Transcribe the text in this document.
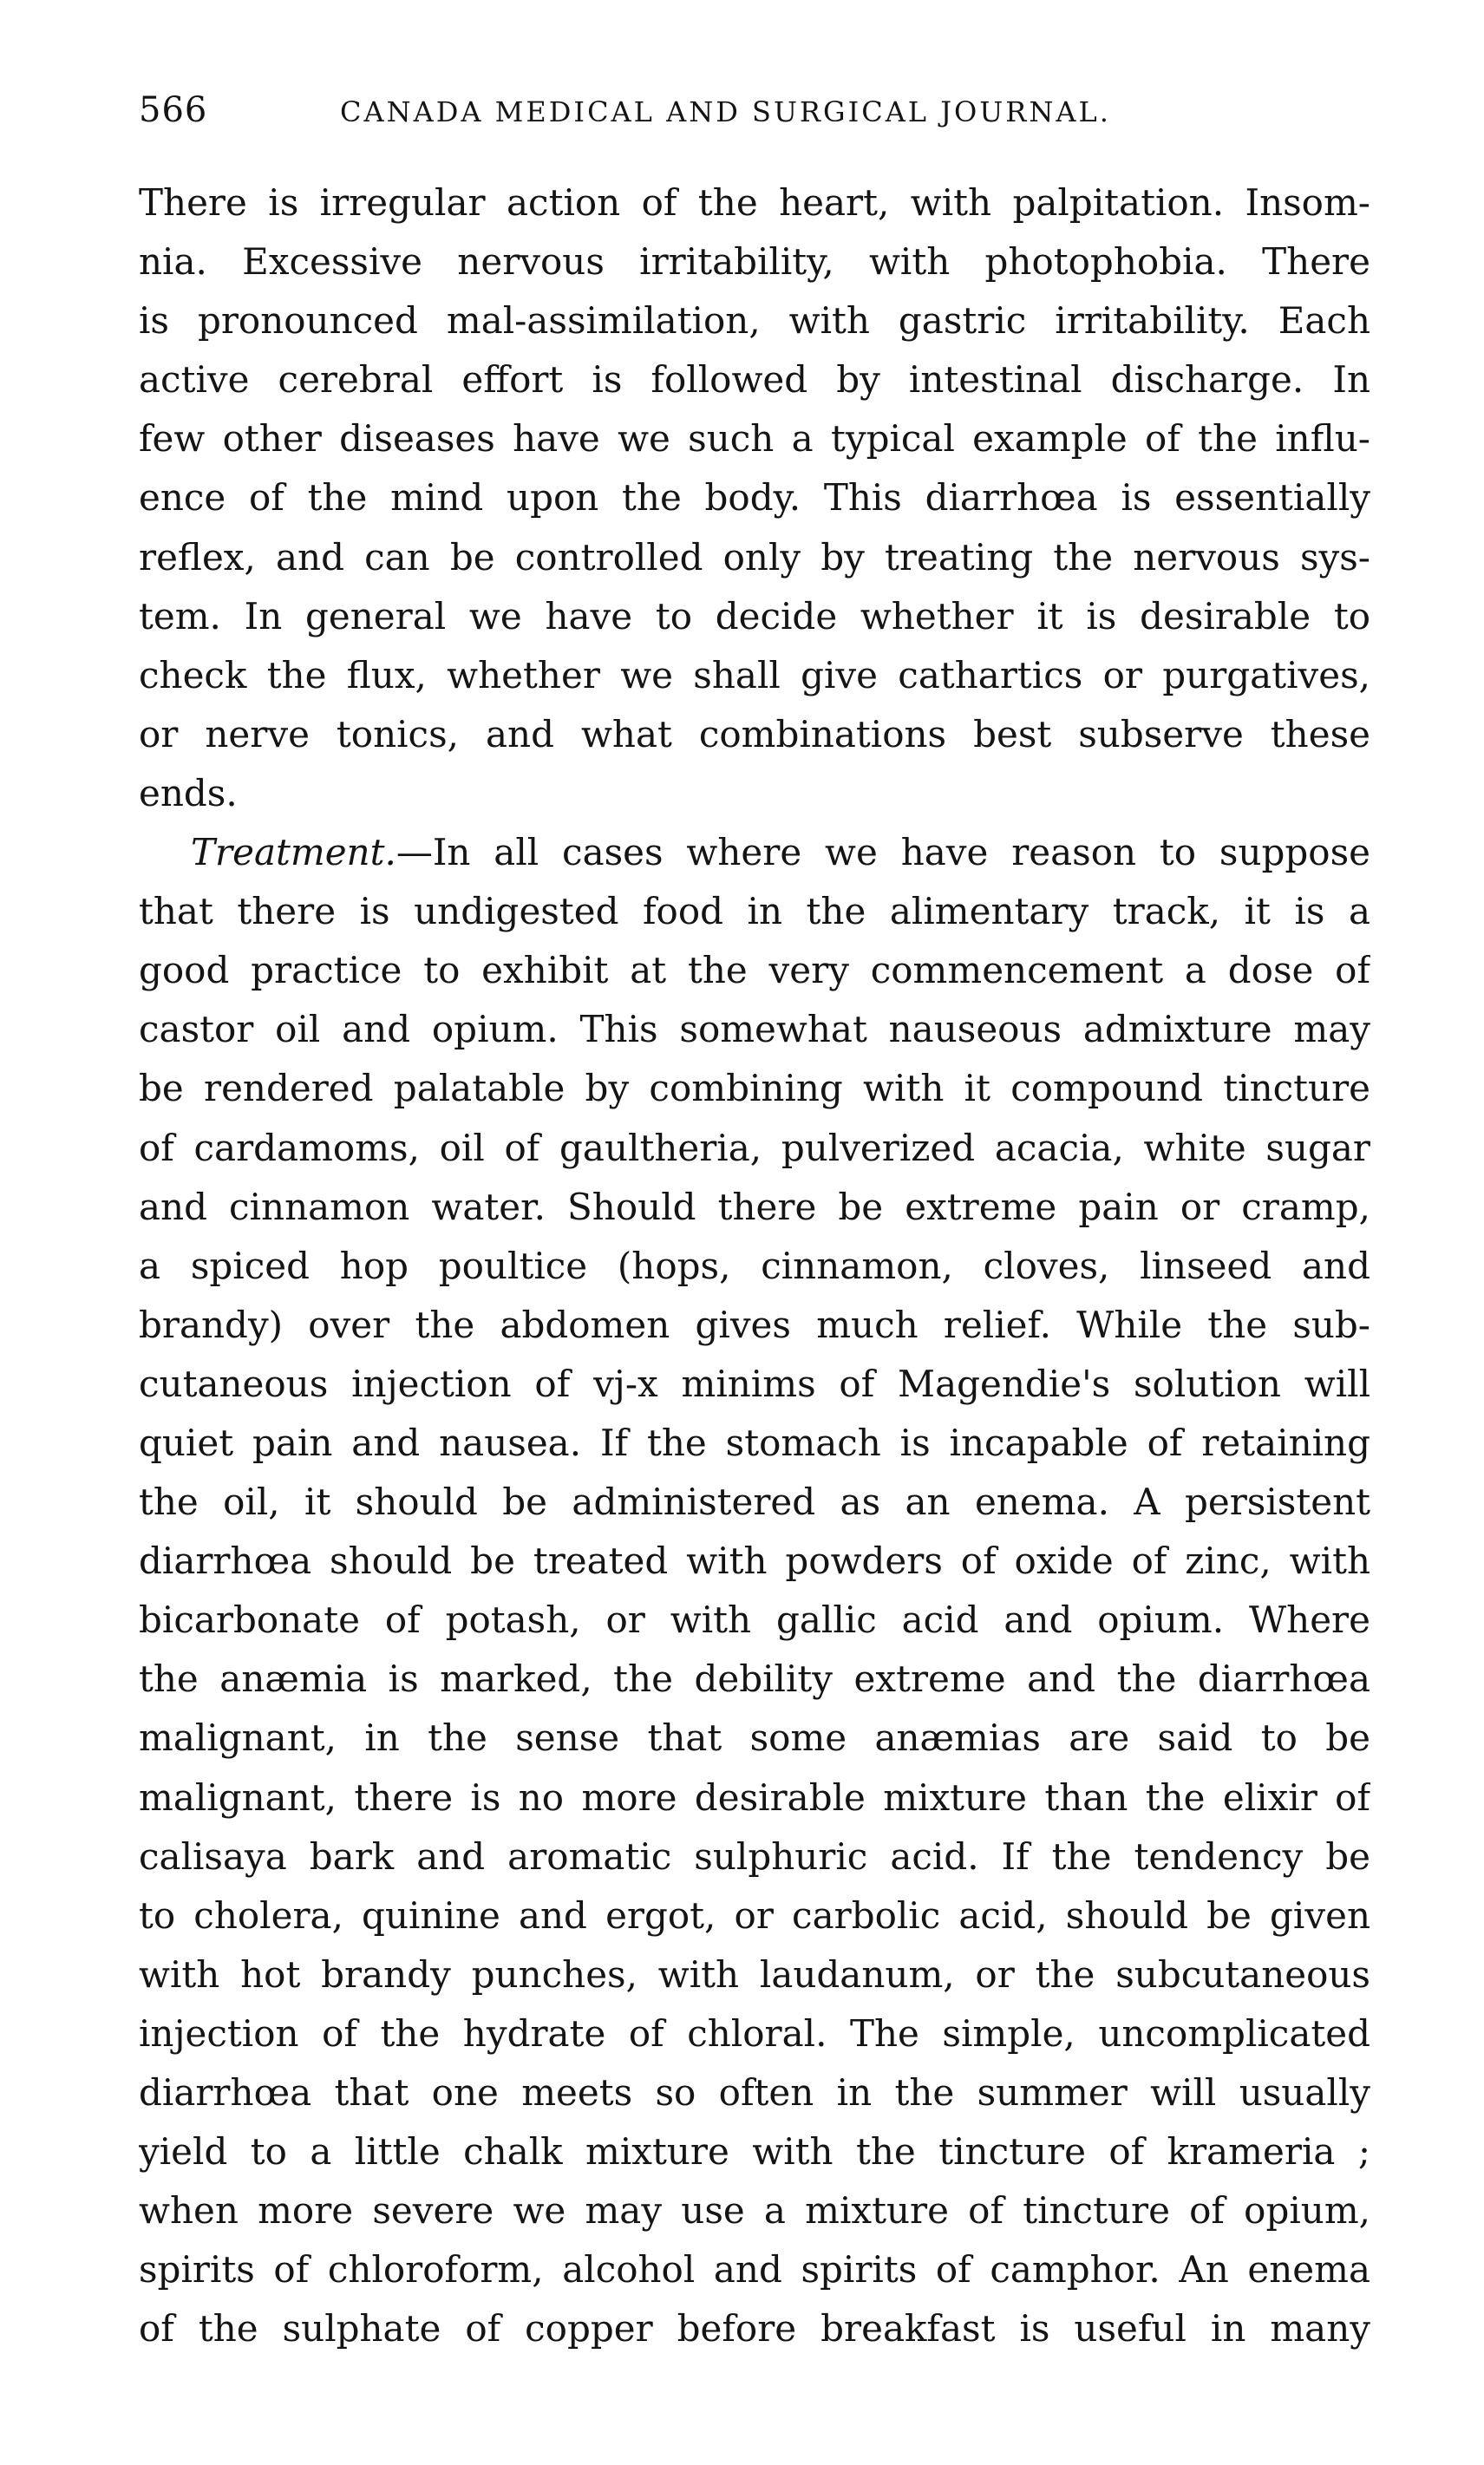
566	CANADA MEDICAL AND SURGICAL JOURNAL.
There is irregular action of the heart, with palpitation. Insom-
nia. Excessive nervous irritability, with photophobia. There
is pronounced mal-assimilation, with gastric irritability. Each
active cerebral effort is followed by intestinal discharge. In
few other diseases have we such a typical example of the influ-
ence of the mind upon the body. This diarrhœa is essentially
reflex, and can be controlled only by treating the nervous sys-
tem. In general we have to decide whether it is desirable to
check the flux, whether we shall give cathartics or purgatives,
or nerve tonics, and what combinations best subserve these
ends.
Treatment.—In all cases where we have reason to suppose
that there is undigested food in the alimentary track, it is a
good practice to exhibit at the very commencement a dose of
castor oil and opium. This somewhat nauseous admixture may
be rendered palatable by combining with it compound tincture
of cardamoms, oil of gaultheria, pulverized acacia, white sugar
and cinnamon water. Should there be extreme pain or cramp,
a spiced hop poultice (hops, cinnamon, cloves, linseed and
brandy) over the abdomen gives much relief. While the sub-
cutaneous injection of vj-x minims of Magendie's solution will
quiet pain and nausea. If the stomach is incapable of retaining
the oil, it should be administered as an enema. A persistent
diarrhœa should be treated with powders of oxide of zinc, with
bicarbonate of potash, or with gallic acid and opium. Where
the anæmia is marked, the debility extreme and the diarrhœa
malignant, in the sense that some anæmias are said to be
malignant, there is no more desirable mixture than the elixir of
calisaya bark and aromatic sulphuric acid. If the tendency be
to cholera, quinine and ergot, or carbolic acid, should be given
with hot brandy punches, with laudanum, or the subcutaneous
injection of the hydrate of chloral. The simple, uncomplicated
diarrhœa that one meets so often in the summer will usually
yield to a little chalk mixture with the tincture of krameria ;
when more severe we may use a mixture of tincture of opium,
spirits of chloroform, alcohol and spirits of camphor. An enema
of the sulphate of copper before breakfast is useful in many
